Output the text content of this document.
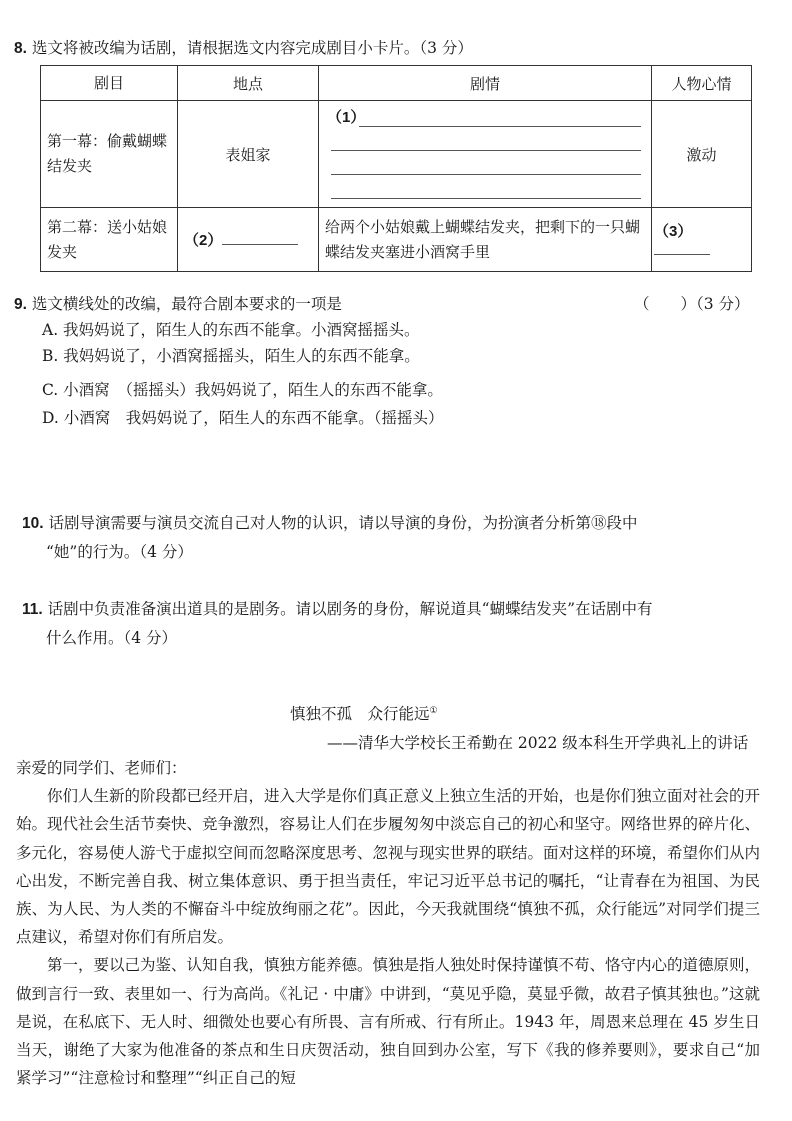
8. 选文将被改编为话剧，请根据选文内容完成剧目小卡片。（3 分）
剧目	地点	剧情	人物心情
第一幕：偷戴蝴蝶结发夹	表姐家	（1）	激动
第二幕：送小姑娘发夹	（2）	给两个小姑娘戴上蝴蝶结发夹，把剩下的一只蝴蝶结发夹塞进小酒窝手里	（3）
9. 选文横线处的改编，最符合剧本要求的一项是	（　　）（3 分）
A. 我妈妈说了，陌生人的东西不能拿。小酒窝摇摇头。
B. 我妈妈说了，小酒窝摇摇头，陌生人的东西不能拿。
C. 小酒窝　（摇摇头）我妈妈说了，陌生人的东西不能拿。
D. 小酒窝　我妈妈说了，陌生人的东西不能拿。（摇摇头）
10. 话剧导演需要与演员交流自己对人物的认识，请以导演的身份，为扮演者分析第⑱段中
“她”的行为。（4 分）
11. 话剧中负责准备演出道具的是剧务。请以剧务的身份，解说道具“蝴蝶结发夹”在话剧中有
什么作用。（4 分）
慎独不孤　众行能远①
——清华大学校长王希勤在 2022 级本科生开学典礼上的讲话

亲爱的同学们、老师们：

你们人生新的阶段都已经开启，进入大学是你们真正意义上独立生活的开始，也是你们独立面对社会的开始。现代社会生活节奏快、竞争激烈，容易让人们在步履匆匆中淡忘自己的初心和坚守。网络世界的碎片化、多元化，容易使人游弋于虚拟空间而忽略深度思考、忽视与现实世界的联结。面对这样的环境，希望你们从内心出发，不断完善自我、树立集体意识、勇于担当责任，牢记习近平总书记的嘱托，“让青春在为祖国、为民族、为人民、为人类的不懈奋斗中绽放绚丽之花”。因此，今天我就围绕“慎独不孤，众行能远”对同学们提三点建议，希望对你们有所启发。

第一，要以己为鉴、认知自我，慎独方能养德。慎独是指人独处时保持谨慎不苟、恪守内心的道德原则，做到言行一致、表里如一、行为高尚。《礼记 · 中庸》中讲到，“莫见乎隐，莫显乎微，故君子慎其独也。”这就是说，在私底下、无人时、细微处也要心有所畏、言有所戒、行有所止。1943 年，周恩来总理在 45 岁生日当天，谢绝了大家为他准备的茶点和生日庆贺活动，独自回到办公室，写下《我的修养要则》，要求自己“加紧学习”“注意检讨和整理”“纠正自己的短
